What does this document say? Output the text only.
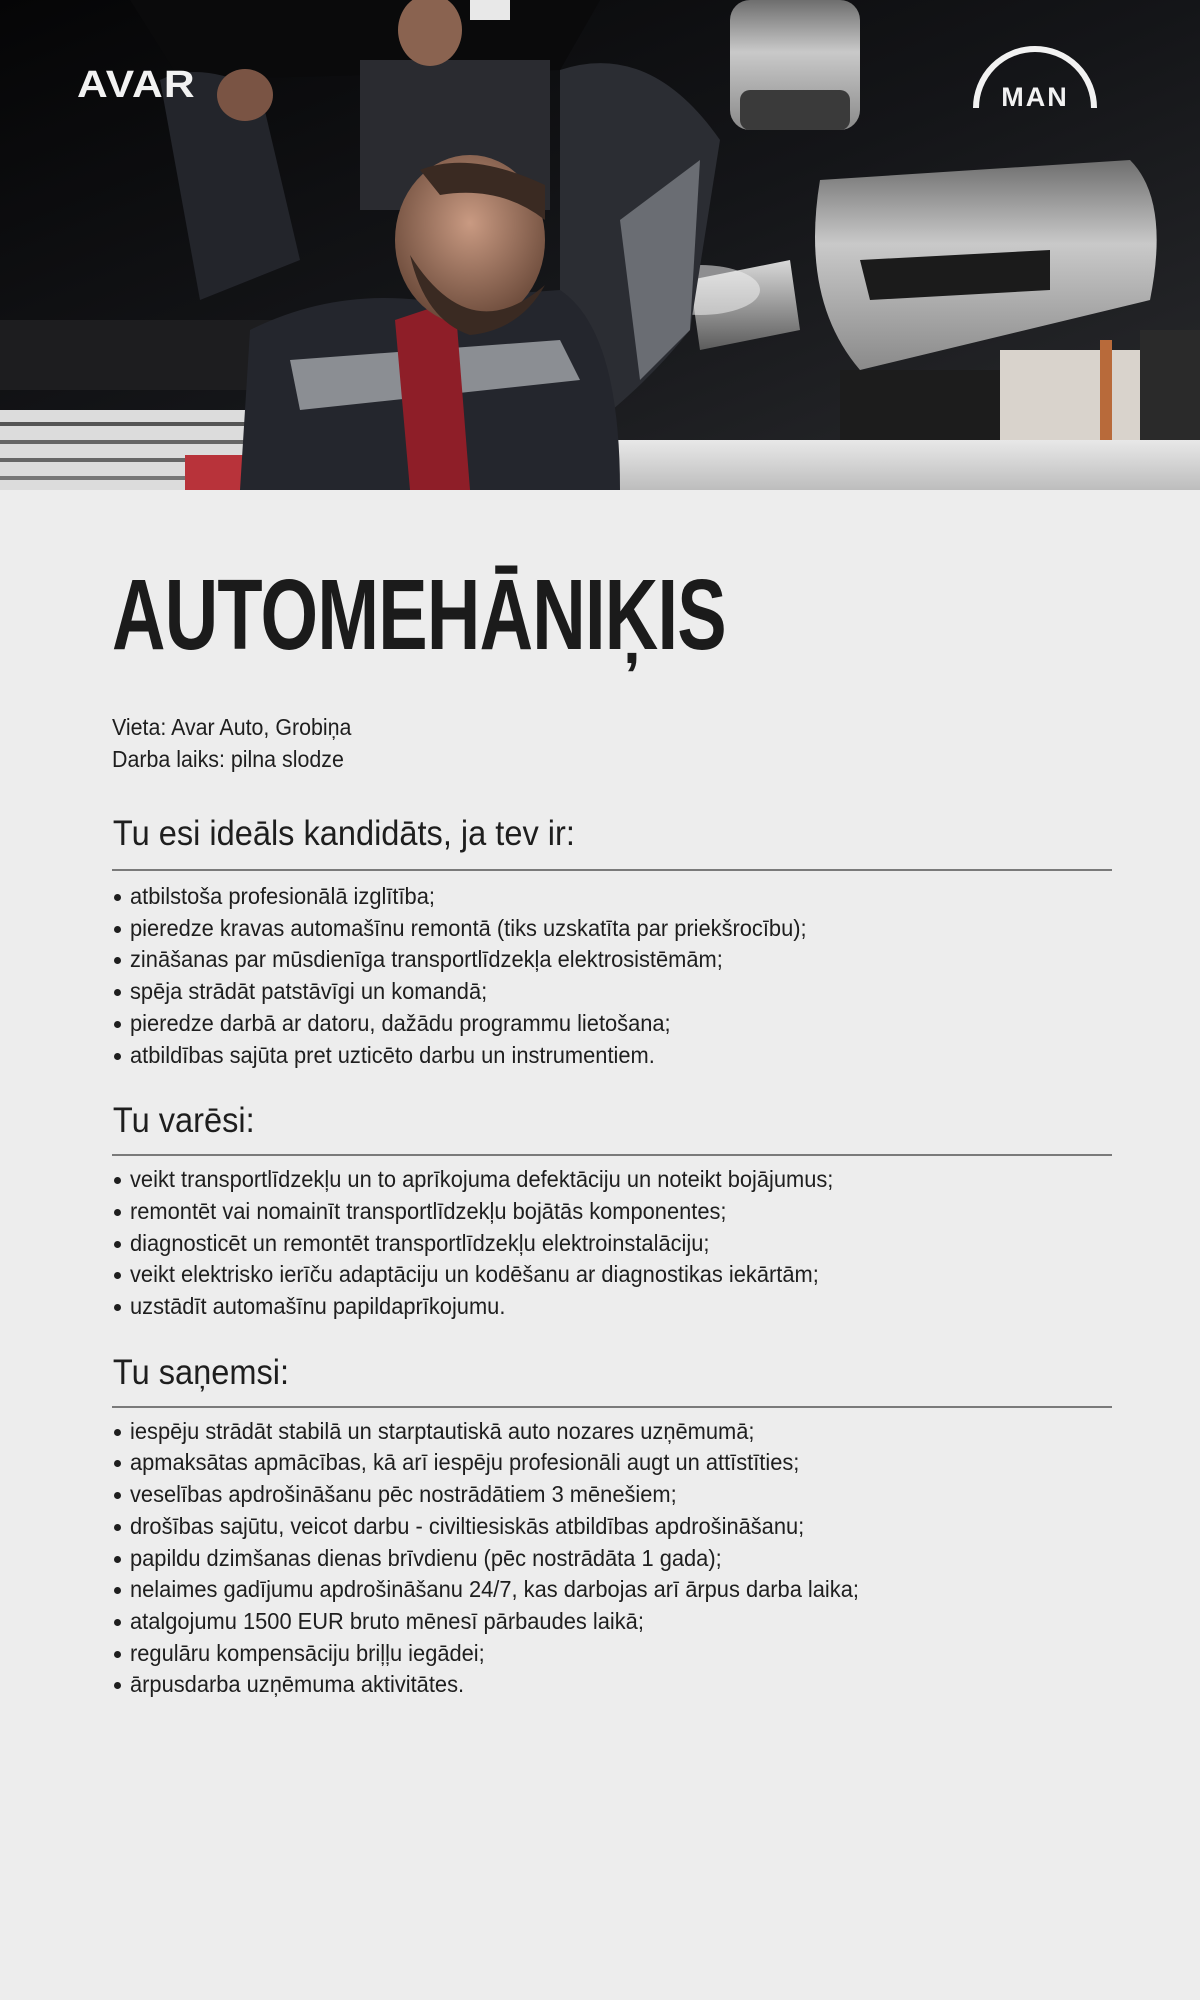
AVAR	MAN
AUTOMEHĀNIĶIS
Vieta: Avar Auto, Grobiņa
Darba laiks: pilna slodze
Tu esi ideāls kandidāts, ja tev ir:
atbilstoša profesionālā izglītība;
pieredze kravas automašīnu remontā (tiks uzskatīta par priekšrocību);
zināšanas par mūsdienīga transportlīdzekļa elektrosistēmām;
spēja strādāt patstāvīgi un komandā;
pieredze darbā ar datoru, dažādu programmu lietošana;
atbildības sajūta pret uzticēto darbu un instrumentiem.
Tu varēsi:
veikt transportlīdzekļu un to aprīkojuma defektāciju un noteikt bojājumus;
remontēt vai nomainīt transportlīdzekļu bojātās komponentes;
diagnosticēt un remontēt transportlīdzekļu elektroinstalāciju;
veikt elektrisko ierīču adaptāciju un kodēšanu ar diagnostikas iekārtām;
uzstādīt automašīnu papildaprīkojumu.
Tu saņemsi:
iespēju strādāt stabilā un starptautiskā auto nozares uzņēmumā;
apmaksātas apmācības, kā arī iespēju profesionāli augt un attīstīties;
veselības apdrošināšanu pēc nostrādātiem 3 mēnešiem;
drošības sajūtu, veicot darbu - civiltiesiskās atbildības apdrošināšanu;
papildu dzimšanas dienas brīvdienu (pēc nostrādāta 1 gada);
nelaimes gadījumu apdrošināšanu 24/7, kas darbojas arī ārpus darba laika;
atalgojumu 1500 EUR bruto mēnesī pārbaudes laikā;
regulāru kompensāciju briļļu iegādei;
ārpusdarba uzņēmuma aktivitātes.
